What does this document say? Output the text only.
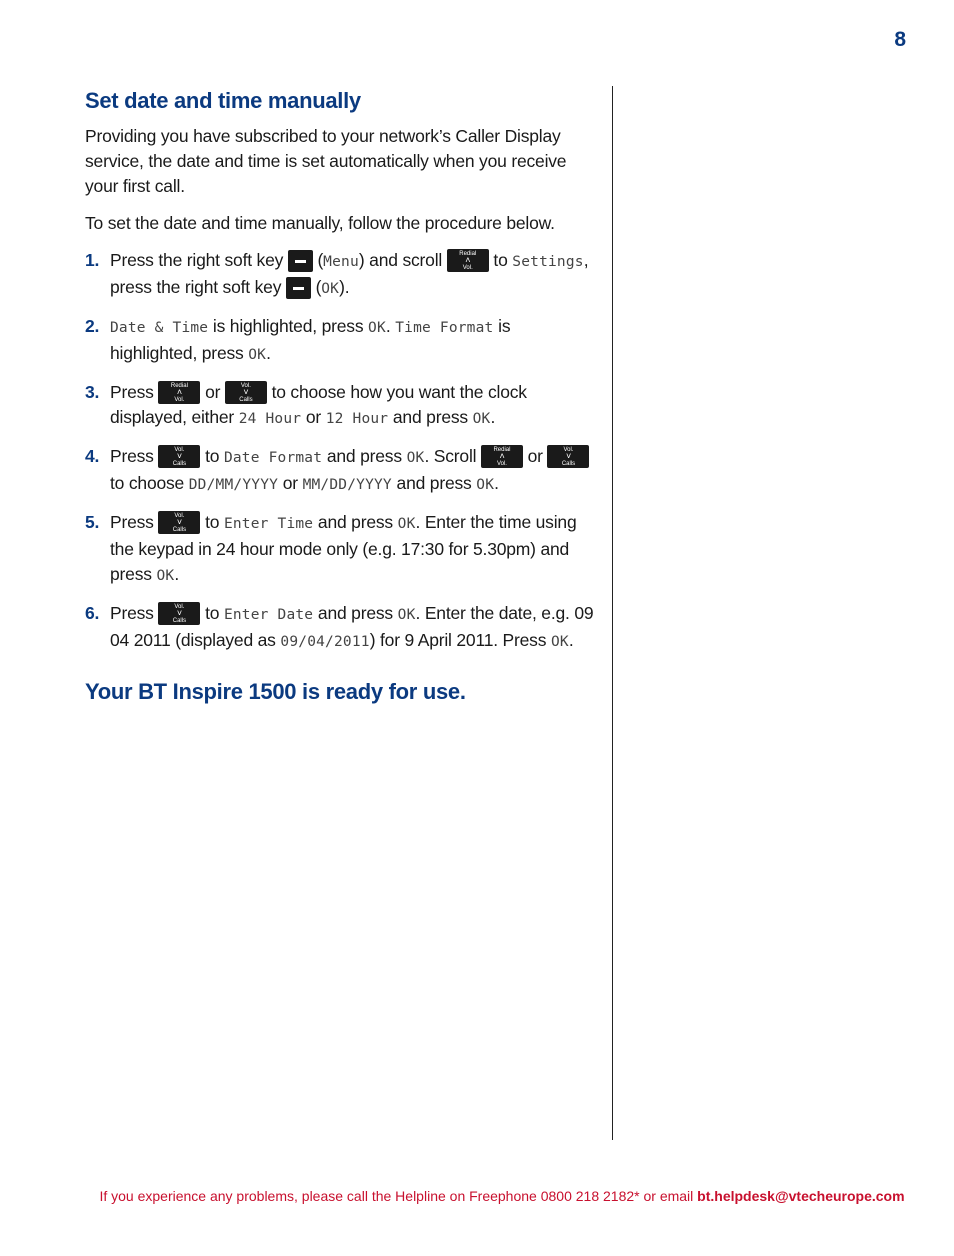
8
Set date and time manually

Providing you have subscribed to your network’s Caller Display service, the date and time is set automatically when you receive your first call.

To set the date and time manually, follow the procedure below.

1. Press the right soft key
(Menu) and scroll	Redial
˄
Vol. to Settings, press the right soft key
(OK).
2. Date & Time is highlighted, press OK. Time Format is highlighted, press OK.
3. Press	Redial
˄
Vol. or	Vol.
˅
Calls to choose how you want the clock displayed, either 24 Hour or 12 Hour and press OK.
4. Press	Vol.
˅
Calls to Date Format and press OK. Scroll	Redial
˄
Vol. or	Vol.
˅
Calls
to choose DD/MM/YYYY or MM/DD/YYYY and press OK.
5. Press	Vol.
˅
Calls to Enter Time and press OK. Enter the time using the keypad in 24 hour mode only (e.g. 17:30 for 5.30pm) and press OK.
6. Press	Vol.
˅
Calls to Enter Date and press OK. Enter the date, e.g. 09 04 2011 (displayed as 09/04/2011) for 9 April 2011. Press OK.
Your BT Inspire 1500 is ready for use.
If you experience any problems, please call the Helpline on Freephone 0800 218 2182* or email bt.helpdesk@vtecheurope.com
